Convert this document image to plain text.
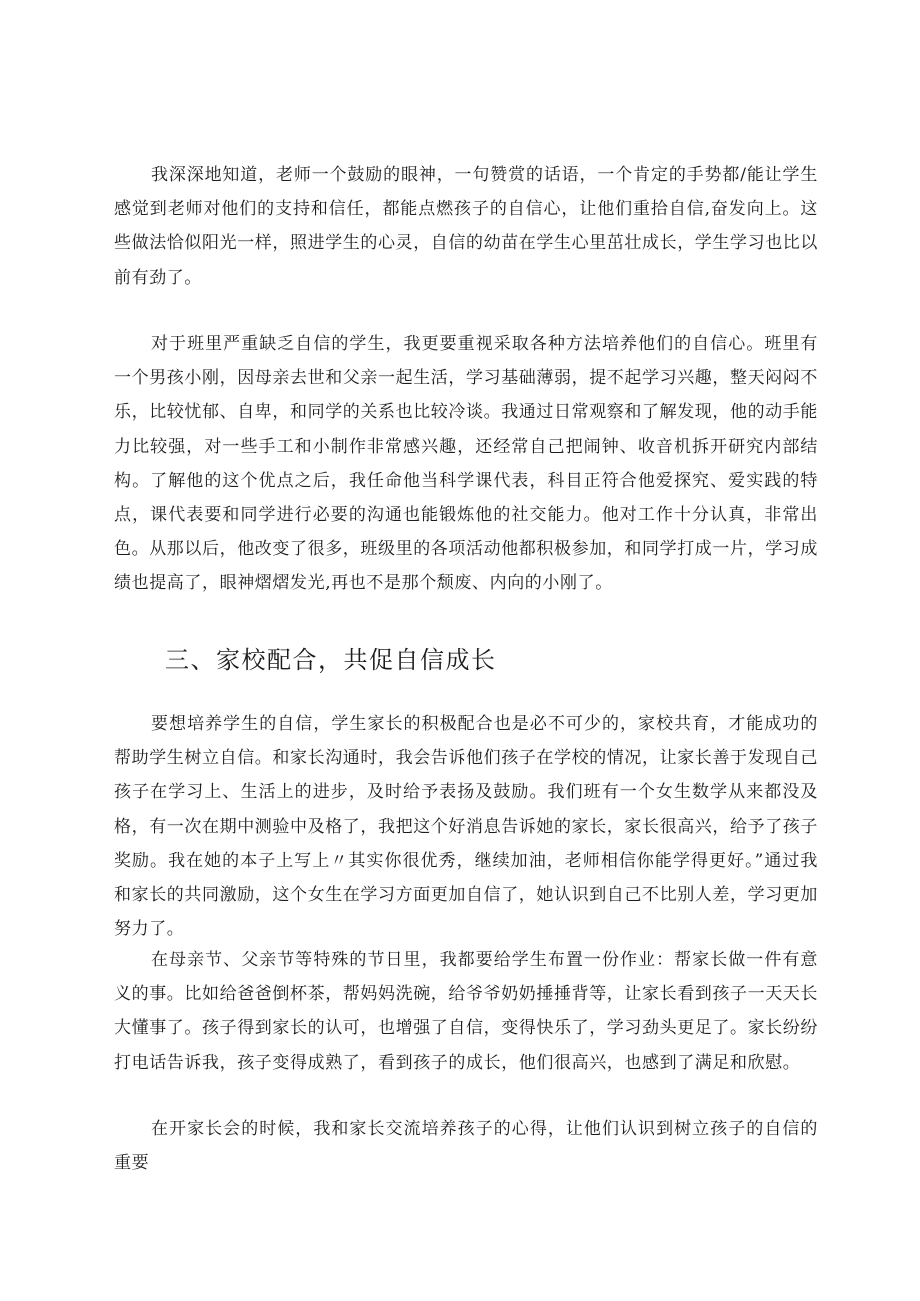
我深深地知道，老师一个鼓励的眼神，一句赞赏的话语，一个肯定的手势都/能让学生感觉到老师对他们的支持和信任，都能点燃孩子的自信心，让他们重拾自信,奋发向上。这些做法恰似阳光一样，照进学生的心灵，自信的幼苗在学生心里茁壮成长，学生学习也比以前有劲了。

对于班里严重缺乏自信的学生，我更要重视采取各种方法培养他们的自信心。班里有一个男孩小刚，因母亲去世和父亲一起生活，学习基础薄弱，提不起学习兴趣，整天闷闷不乐，比较忧郁、自卑，和同学的关系也比较冷谈。我通过日常观察和了解发现，他的动手能力比较强，对一些手工和小制作非常感兴趣，还经常自己把闹钟、收音机拆开研究内部结构。了解他的这个优点之后，我任命他当科学课代表，科目正符合他爱探究、爱实践的特点，课代表要和同学进行必要的沟通也能锻炼他的社交能力。他对工作十分认真，非常出色。从那以后，他改变了很多，班级里的各项活动他都积极参加，和同学打成一片，学习成绩也提高了，眼神熠熠发光,再也不是那个颓废、内向的小刚了。

三、家校配合，共促自信成长

要想培养学生的自信，学生家长的积极配合也是必不可少的，家校共育，才能成功的帮助学生树立自信。和家长沟通时，我会告诉他们孩子在学校的情况，让家长善于发现自己孩子在学习上、生活上的进步，及时给予表扬及鼓励。我们班有一个女生数学从来都没及格，有一次在期中测验中及格了，我把这个好消息告诉她的家长，家长很高兴，给予了孩子奖励。我在她的本子上写上〃其实你很优秀，继续加油，老师相信你能学得更好。”通过我和家长的共同激励，这个女生在学习方面更加自信了，她认识到自己不比别人差，学习更加努力了。

在母亲节、父亲节等特殊的节日里，我都要给学生布置一份作业：帮家长做一件有意义的事。比如给爸爸倒杯茶，帮妈妈洗碗，给爷爷奶奶捶捶背等，让家长看到孩子一天天长大懂事了。孩子得到家长的认可，也增强了自信，变得快乐了，学习劲头更足了。家长纷纷打电话告诉我，孩子变得成熟了，看到孩子的成长，他们很高兴，也感到了满足和欣慰。

在开家长会的时候，我和家长交流培养孩子的心得，让他们认识到树立孩子的自信的重要
